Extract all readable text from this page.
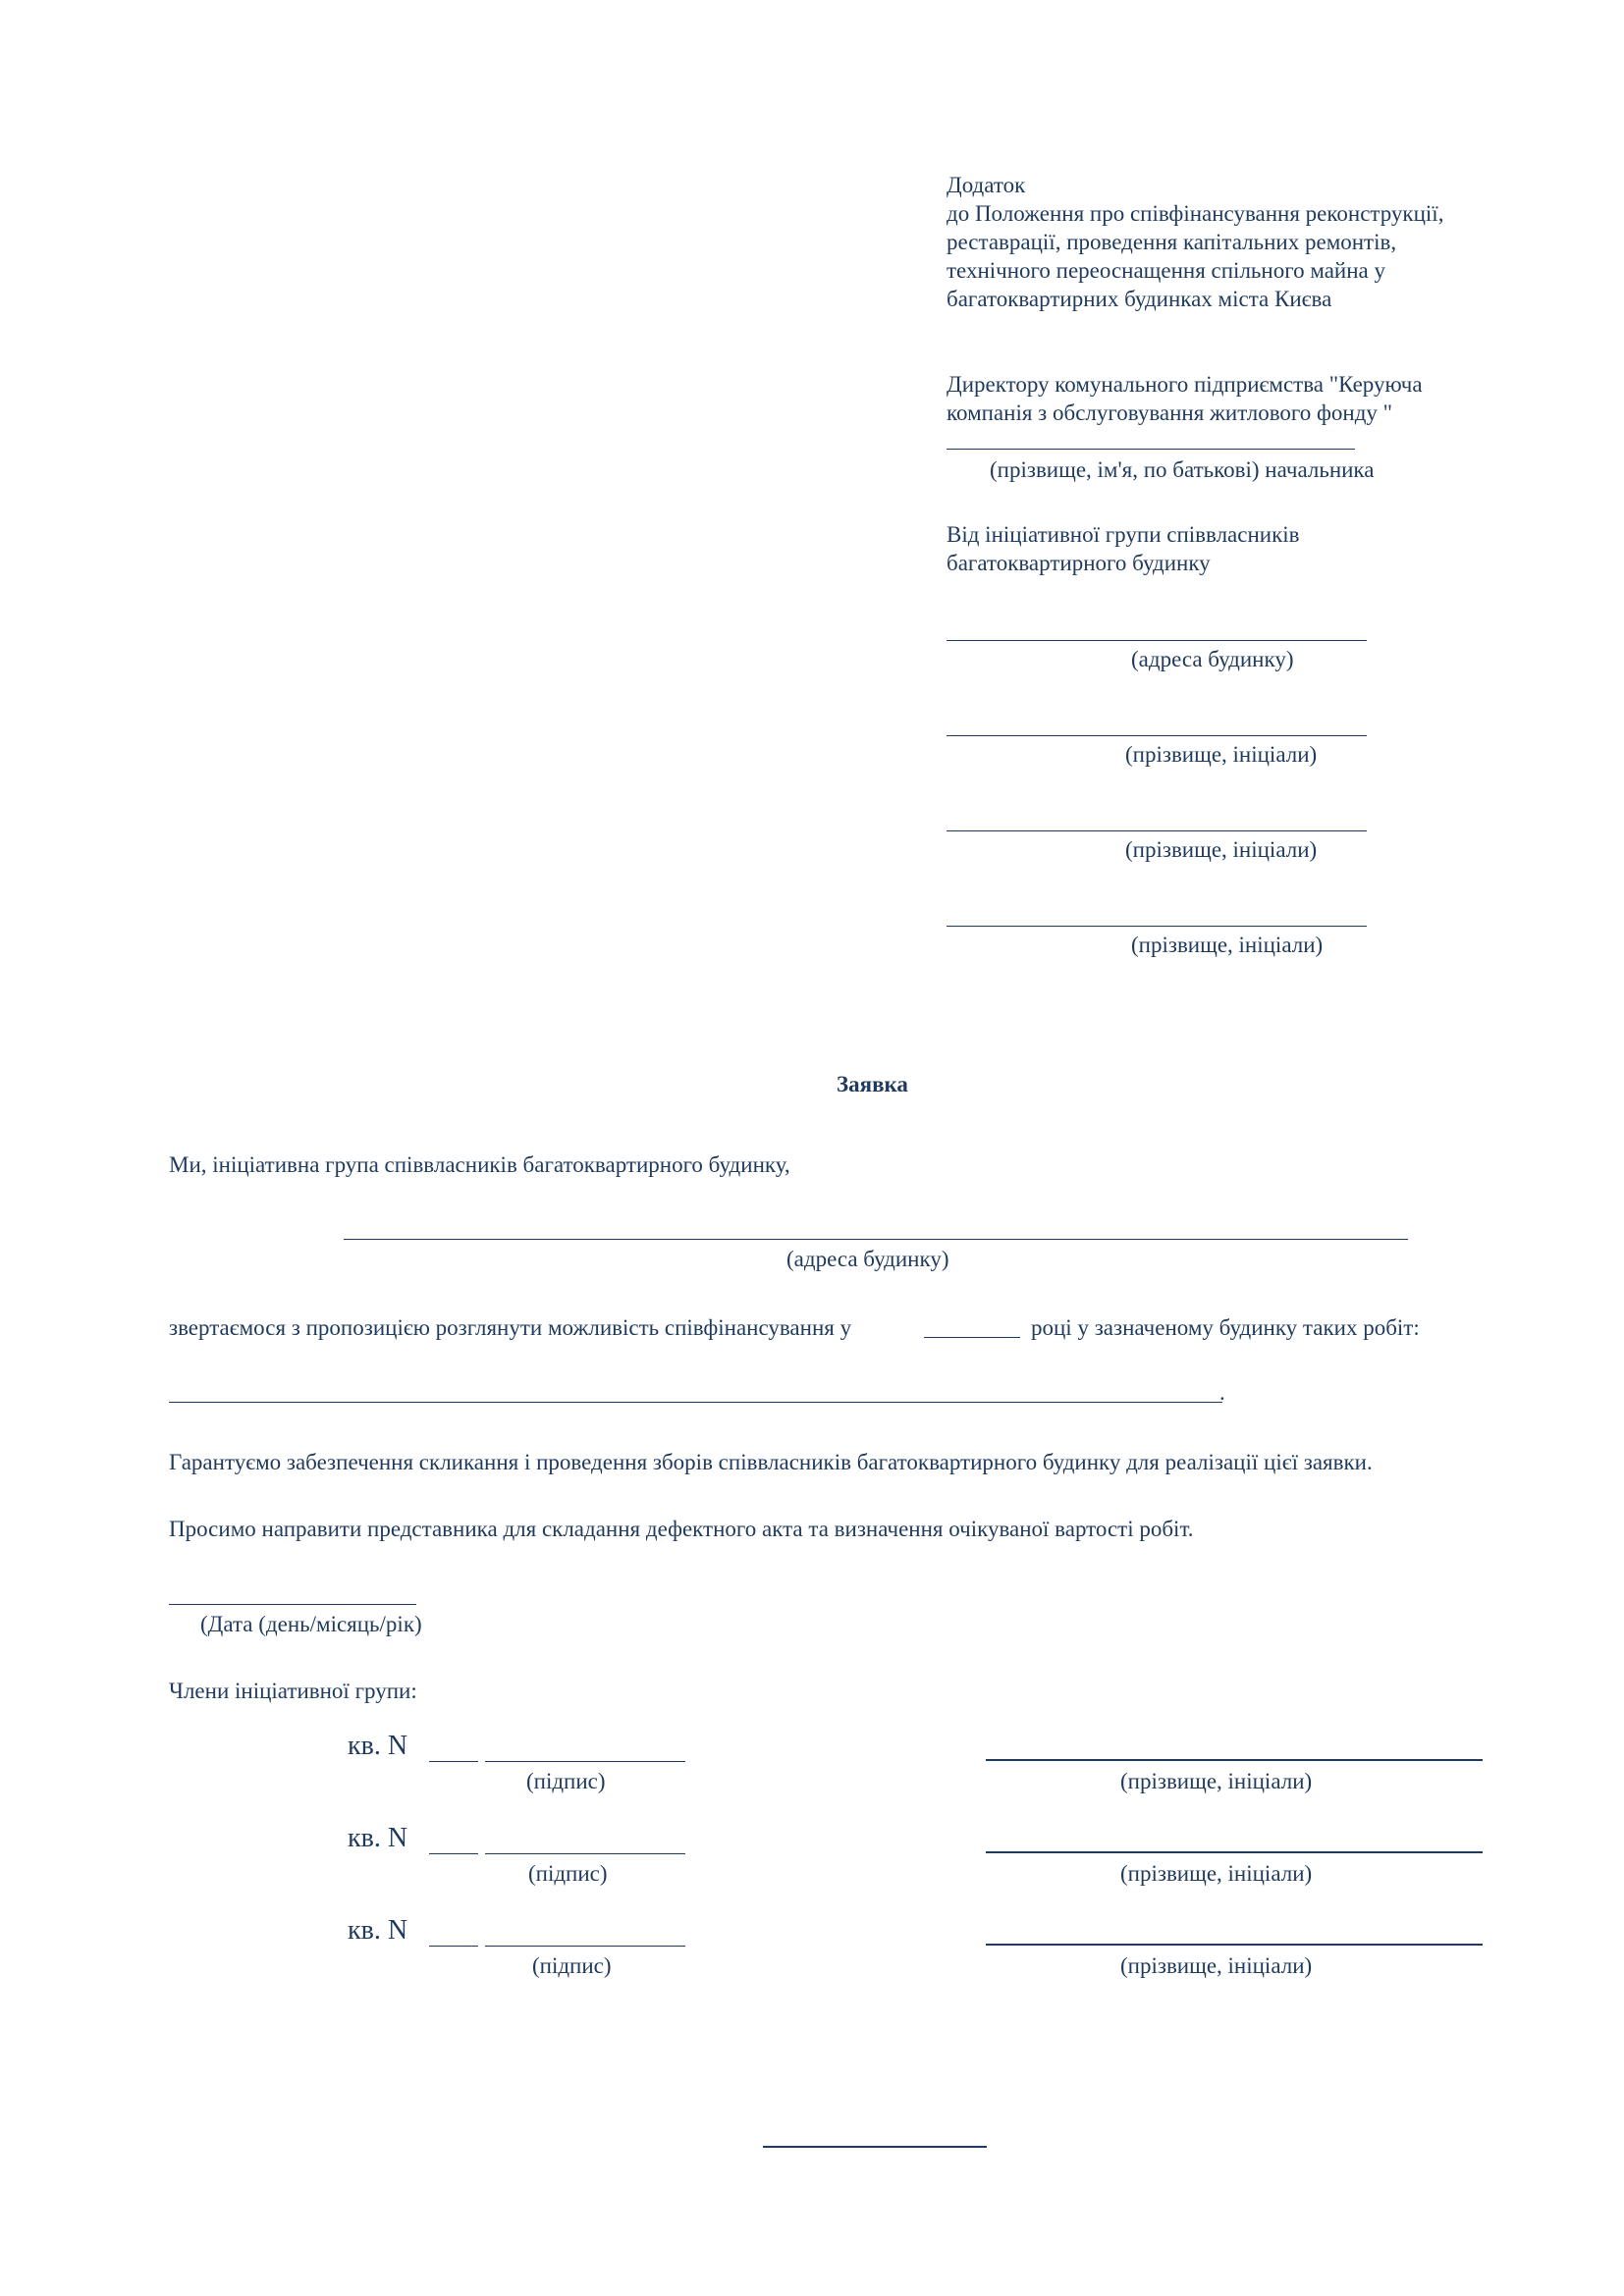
Додаток
до Положення про співфінансування реконструкції,
реставрації, проведення капітальних ремонтів,
технічного переоснащення спільного майна у
багатоквартирних будинках міста Києва
Директору комунального підприємства "Керуюча
компанія з обслуговування житлового фонду "
(прізвище, ім'я, по батькові) начальника
Від ініціативної групи співвласників
багатоквартирного будинку
(адреса будинку)
(прізвище, ініціали)
(прізвище, ініціали)
(прізвище, ініціали)
Заявка
Ми, ініціативна група співвласників багатоквартирного будинку,
(адреса будинку)
звертаємося з пропозицією розглянути можливість співфінансування у	році у зазначеному будинку таких робіт:
.
Гарантуємо забезпечення скликання і проведення зборів співвласників багатоквартирного будинку для реалізації цієї заявки.
Просимо направити представника для складання дефектного акта та визначення очікуваної вартості робіт.
(Дата (день/місяць/рік)
Члени ініціативної групи:
кв. N
(підпис)	(прізвище, ініціали)
кв. N
(підпис)	(прізвище, ініціали)
кв. N
(підпис)	(прізвище, ініціали)
